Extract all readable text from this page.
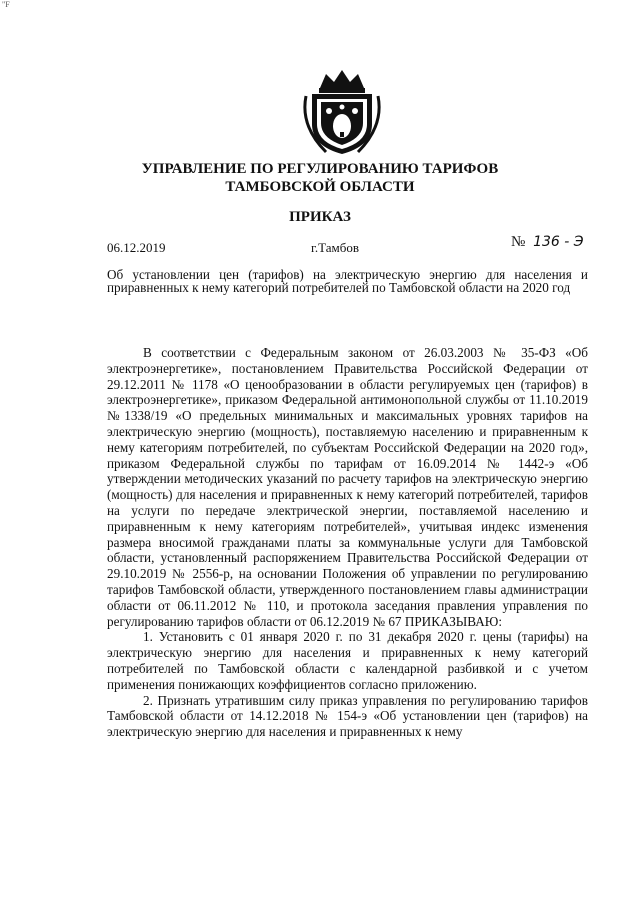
"F
УПРАВЛЕНИЕ ПО РЕГУЛИРОВАНИЮ ТАРИФОВ
ТАМБОВСКОЙ ОБЛАСТИ
ПРИКАЗ
06.12.2019	г.Тамбов	№ 136 - Э
Об установлении цен (тарифов) на электрическую энергию для населения и приравненных к нему категорий потребителей по Тамбовской области на 2020 год

В соответствии с Федеральным законом от 26.03.2003 № 35-ФЗ «Об электроэнергетике», постановлением Правительства Российской Федерации от 29.12.2011 № 1178 «О ценообразовании в области регулируемых цен (тарифов) в электроэнергетике», приказом Федеральной антимонопольной службы от 11.10.2019 №1338/19 «О предельных минимальных и максимальных уровнях тарифов на электрическую энергию (мощность), поставляемую населению и приравненным к нему категориям потребителей, по субъектам Российской Федерации на 2020 год», приказом Федеральной службы по тарифам от 16.09.2014 № 1442-э «Об утверждении методических указаний по расчету тарифов на электрическую энергию (мощность) для населения и приравненных к нему категорий потребителей, тарифов на услуги по передаче электрической энергии, поставляемой населению и приравненным к нему категориям потребителей», учитывая индекс изменения размера вносимой гражданами платы за коммунальные услуги для Тамбовской области, установленный распоряжением Правительства Российской Федерации от 29.10.2019 № 2556-р, на основании Положения об управлении по регулированию тарифов Тамбовской области, утвержденного постановлением главы администрации области от 06.11.2012 № 110, и протокола заседания правления управления по регулированию тарифов области от 06.12.2019 № 67 ПРИКАЗЫВАЮ:

1. Установить с 01 января 2020 г. по 31 декабря 2020 г. цены (тарифы) на электрическую энергию для населения и приравненных к нему категорий потребителей по Тамбовской области с календарной разбивкой и с учетом применения понижающих коэффициентов согласно приложению.

2. Признать утратившим силу приказ управления по регулированию тарифов Тамбовской области от 14.12.2018 № 154-э «Об установлении цен (тарифов) на электрическую энергию для населения и приравненных к нему
